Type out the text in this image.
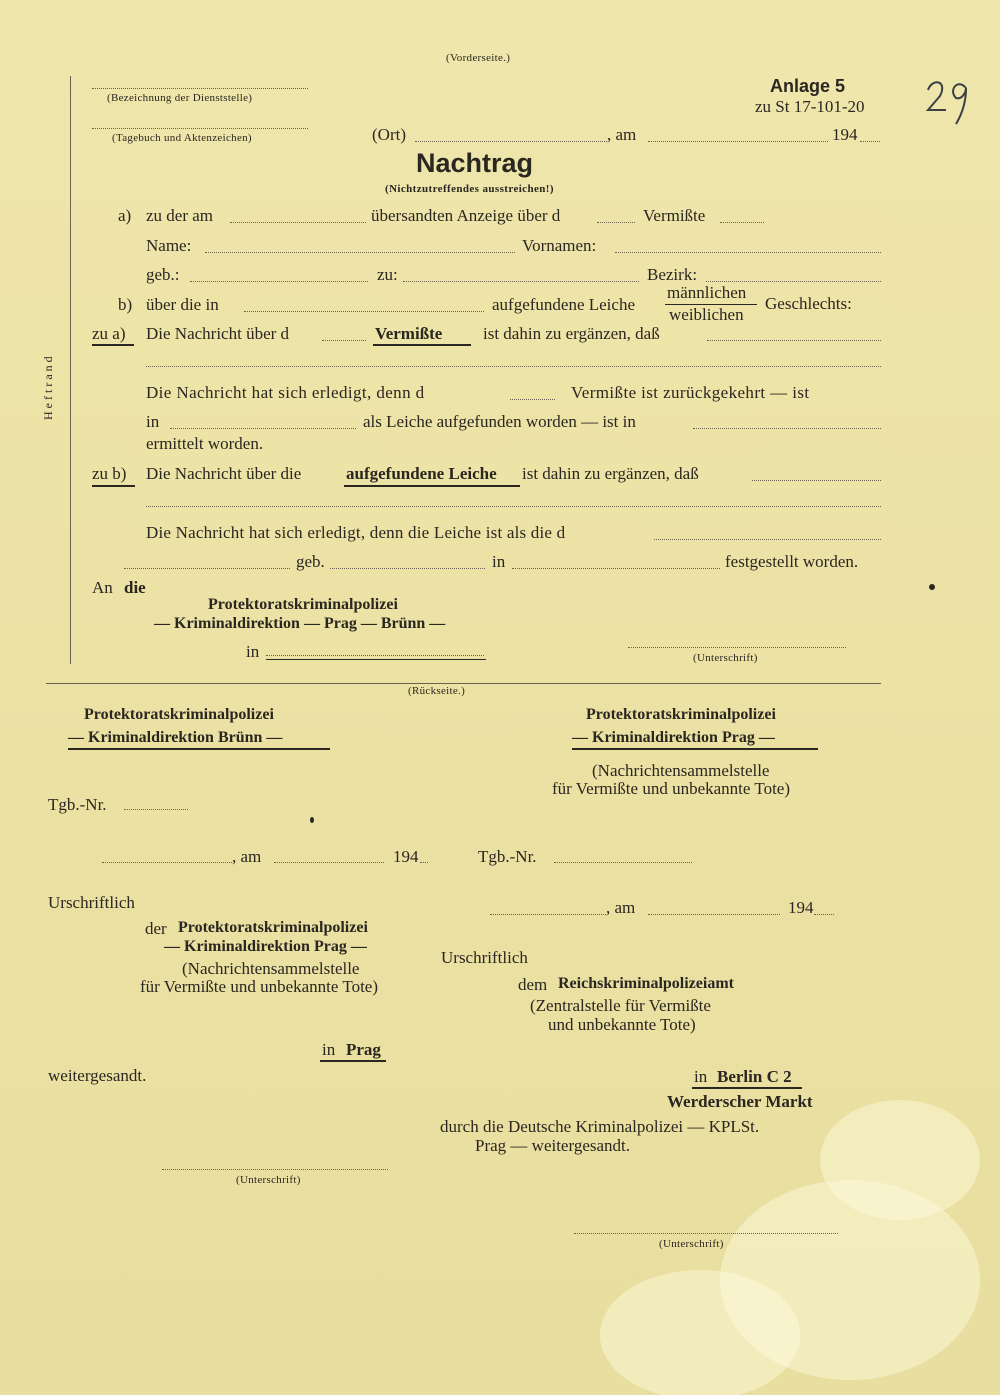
(Vorderseite.)
Anlage 5
zu St 17-101-20
Heftrand
(Bezeichnung der Dienststelle)
(Tagebuch und Aktenzeichen)	(Ort)	, am	194
Nachtrag
(Nichtzutreffendes ausstreichen!)
a) zu der am	übersandten Anzeige über d	Vermißte
Name:	Vornamen:
geb.:	zu:	Bezirk:
b) über die in	aufgefundene Leiche
männlichen
weiblichen
Geschlechts:
zu a) Die Nachricht über d	Vermißte ist dahin zu ergänzen, daß
Die Nachricht hat sich erledigt, denn d	Vermißte ist zurückgekehrt — ist
in	als Leiche aufgefunden worden — ist in
ermittelt worden.
zu b) Die Nachricht über die	aufgefundene Leiche ist dahin zu ergänzen, daß
Die Nachricht hat sich erledigt, denn die Leiche ist als die d
geb.	in	festgestellt worden.
An die
Protektoratskriminalpolizei
— Kriminaldirektion — Prag — Brünn —
in	(Unterschrift)
(Rückseite.)
Protektoratskriminalpolizei
— Kriminaldirektion Brünn —
Tgb.-Nr.
, am	194
Urschriftlich
der Protektoratskriminalpolizei
— Kriminaldirektion Prag —
(Nachrichtensammelstelle
für Vermißte und unbekannte Tote)
in Prag
weitergesandt.
(Unterschrift)
Protektoratskriminalpolizei
— Kriminaldirektion Prag —
(Nachrichtensammelstelle
für Vermißte und unbekannte Tote)
Tgb.-Nr.
, am	194
Urschriftlich
dem Reichskriminalpolizeiamt
(Zentralstelle für Vermißte
und unbekannte Tote)
in Berlin C 2
Werderscher Markt
durch die Deutsche Kriminalpolizei — KPLSt.
Prag — weitergesandt.
(Unterschrift)
